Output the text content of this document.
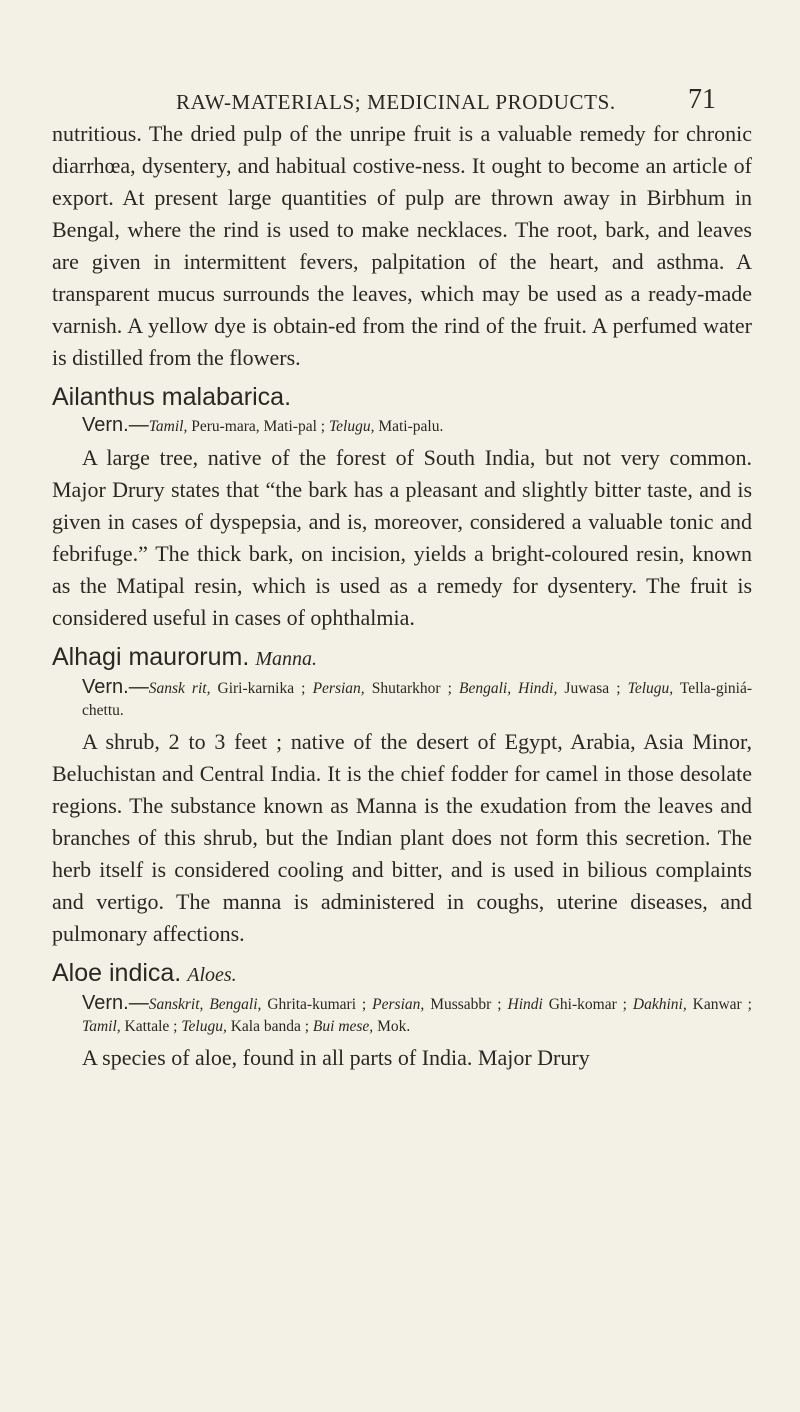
RAW-MATERIALS; MEDICINAL PRODUCTS.	71

nutritious. The dried pulp of the unripe fruit is a valuable remedy for chronic diarrhœa, dysentery, and habitual costive-ness. It ought to become an article of export. At present large quantities of pulp are thrown away in Birbhum in Bengal, where the rind is used to make necklaces. The root, bark, and leaves are given in intermittent fevers, palpitation of the heart, and asthma. A transparent mucus surrounds the leaves, which may be used as a ready-made varnish. A yellow dye is obtain-ed from the rind of the fruit. A perfumed water is distilled from the flowers.

Ailanthus malabarica.

Vern.—Tamil, Peru-mara, Mati-pal ; Telugu, Mati-palu.

A large tree, native of the forest of South India, but not very common. Major Drury states that “the bark has a pleasant and slightly bitter taste, and is given in cases of dyspepsia, and is, moreover, considered a valuable tonic and febrifuge.” The thick bark, on incision, yields a bright-coloured resin, known as the Matipal resin, which is used as a remedy for dysentery. The fruit is considered useful in cases of ophthalmia.

Alhagi maurorum. Manna.

Vern.—Sansk rit, Giri-karnika ; Persian, Shutarkhor ; Bengali, Hindi, Juwasa ; Telugu, Tella-giniá-chettu.

A shrub, 2 to 3 feet ; native of the desert of Egypt, Arabia, Asia Minor, Beluchistan and Central India. It is the chief fodder for camel in those desolate regions. The substance known as Manna is the exudation from the leaves and branches of this shrub, but the Indian plant does not form this secretion. The herb itself is considered cooling and bitter, and is used in bilious complaints and vertigo. The manna is administered in coughs, uterine diseases, and pulmonary affections.

Aloe indica. Aloes.

Vern.—Sanskrit, Bengali, Ghrita-kumari ; Persian, Mussabbr ; Hindi Ghi-komar ; Dakhini, Kanwar ; Tamil, Kattale ; Telugu, Kala banda ; Bui mese, Mok.

A species of aloe, found in all parts of India. Major Drury
